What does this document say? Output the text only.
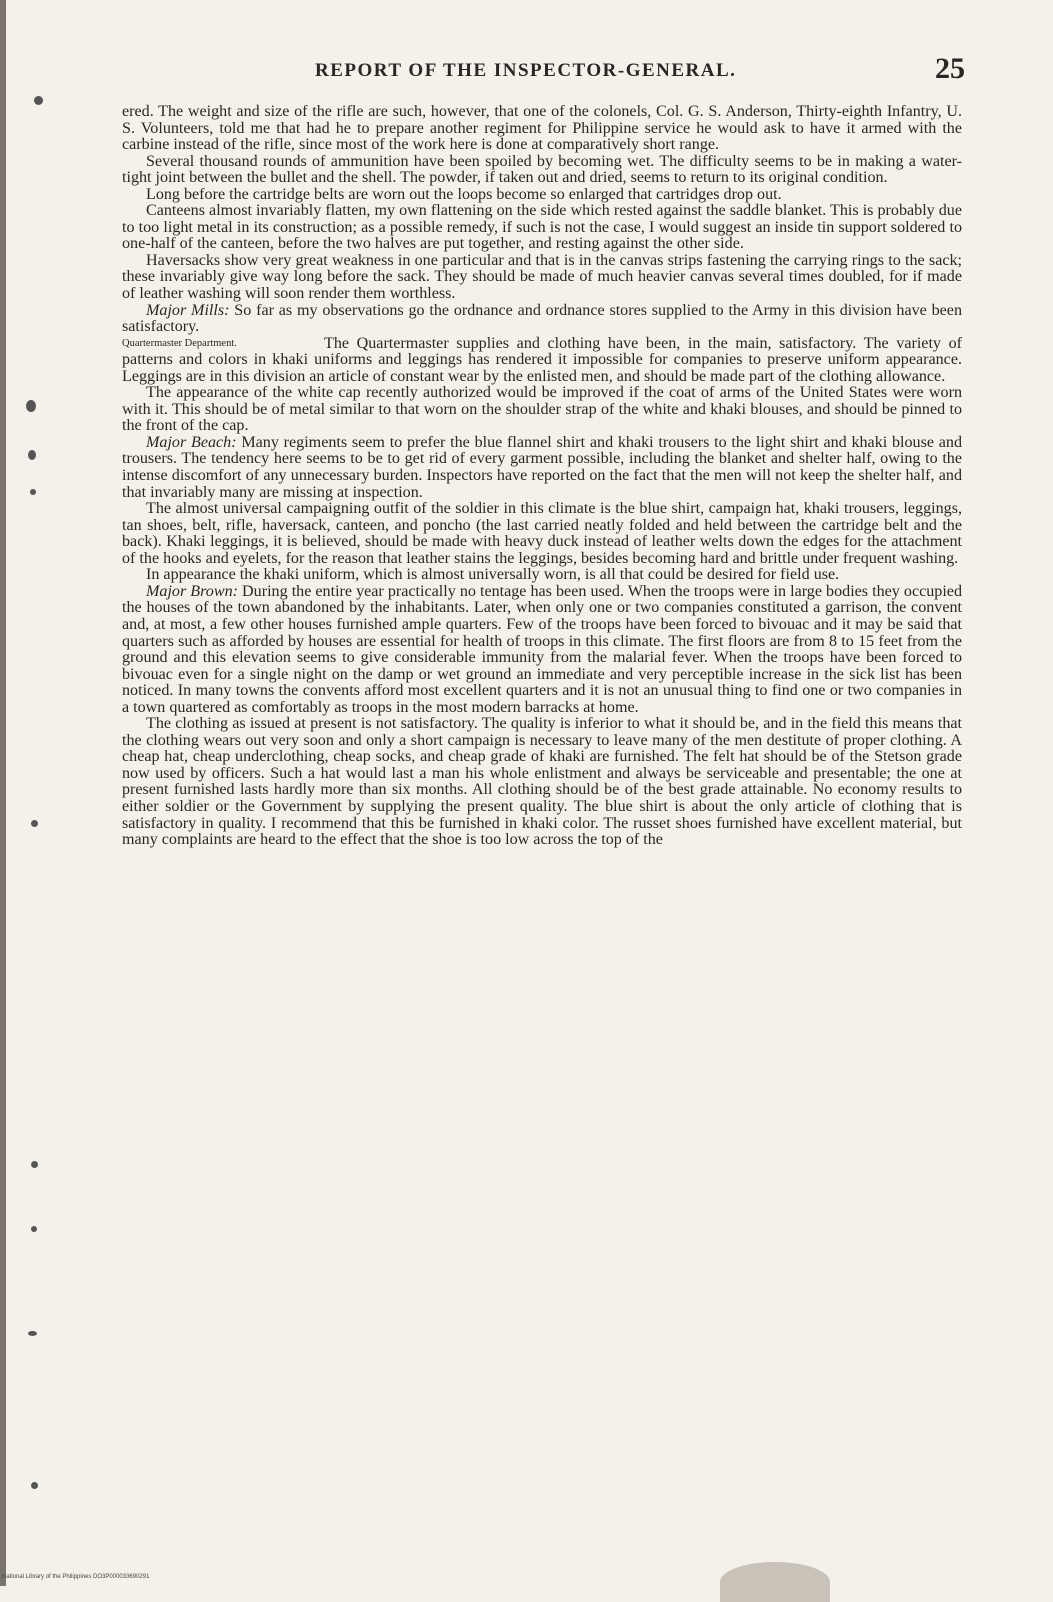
REPORT OF THE INSPECTOR-GENERAL.	25

ered. The weight and size of the rifle are such, however, that one of the colonels, Col. G. S. Anderson, Thirty-eighth Infantry, U. S. Volunteers, told me that had he to prepare another regiment for Philippine service he would ask to have it armed with the carbine instead of the rifle, since most of the work here is done at comparatively short range.

Several thousand rounds of ammunition have been spoiled by becoming wet. The difficulty seems to be in making a water-tight joint between the bullet and the shell. The powder, if taken out and dried, seems to return to its original condition.

Long before the cartridge belts are worn out the loops become so enlarged that cartridges drop out.

Canteens almost invariably flatten, my own flattening on the side which rested against the saddle blanket. This is probably due to too light metal in its construction; as a possible remedy, if such is not the case, I would suggest an inside tin support soldered to one-half of the canteen, before the two halves are put together, and resting against the other side.

Haversacks show very great weakness in one particular and that is in the canvas strips fastening the carrying rings to the sack; these invariably give way long before the sack. They should be made of much heavier canvas several times doubled, for if made of leather washing will soon render them worthless.

Major Mills: So far as my observations go the ordnance and ordnance stores supplied to the Army in this division have been satisfactory.

Quartermaster Department.	The Quartermaster supplies and clothing have been, in the main, satisfactory. The variety of patterns and colors in khaki uniforms and leggings has rendered it impossible for companies to preserve uniform appearance. Leggings are in this division an article of constant wear by the enlisted men, and should be made part of the clothing allowance.

The appearance of the white cap recently authorized would be improved if the coat of arms of the United States were worn with it. This should be of metal similar to that worn on the shoulder strap of the white and khaki blouses, and should be pinned to the front of the cap.

Major Beach: Many regiments seem to prefer the blue flannel shirt and khaki trousers to the light shirt and khaki blouse and trousers. The tendency here seems to be to get rid of every garment possible, including the blanket and shelter half, owing to the intense discomfort of any unnecessary burden. Inspectors have reported on the fact that the men will not keep the shelter half, and that invariably many are missing at inspection.

The almost universal campaigning outfit of the soldier in this climate is the blue shirt, campaign hat, khaki trousers, leggings, tan shoes, belt, rifle, haversack, canteen, and poncho (the last carried neatly folded and held between the cartridge belt and the back). Khaki leggings, it is believed, should be made with heavy duck instead of leather welts down the edges for the attachment of the hooks and eyelets, for the reason that leather stains the leggings, besides becoming hard and brittle under frequent washing.

In appearance the khaki uniform, which is almost universally worn, is all that could be desired for field use.

Major Brown: During the entire year practically no tentage has been used. When the troops were in large bodies they occupied the houses of the town abandoned by the inhabitants. Later, when only one or two companies constituted a garrison, the convent and, at most, a few other houses furnished ample quarters. Few of the troops have been forced to bivouac and it may be said that quarters such as afforded by houses are essential for health of troops in this climate. The first floors are from 8 to 15 feet from the ground and this elevation seems to give considerable immunity from the malarial fever. When the troops have been forced to bivouac even for a single night on the damp or wet ground an immediate and very perceptible increase in the sick list has been noticed. In many towns the convents afford most excellent quarters and it is not an unusual thing to find one or two companies in a town quartered as comfortably as troops in the most modern barracks at home.

The clothing as issued at present is not satisfactory. The quality is inferior to what it should be, and in the field this means that the clothing wears out very soon and only a short campaign is necessary to leave many of the men destitute of proper clothing. A cheap hat, cheap underclothing, cheap socks, and cheap grade of khaki are furnished. The felt hat should be of the Stetson grade now used by officers. Such a hat would last a man his whole enlistment and always be serviceable and presentable; the one at present furnished lasts hardly more than six months. All clothing should be of the best grade attainable. No economy results to either soldier or the Government by supplying the present quality. The blue shirt is about the only article of clothing that is satisfactory in quality. I recommend that this be furnished in khaki color. The russet shoes furnished have excellent material, but many complaints are heard to the effect that the shoe is too low across the top of the

National Library of the Philippines DO3P000033690291
